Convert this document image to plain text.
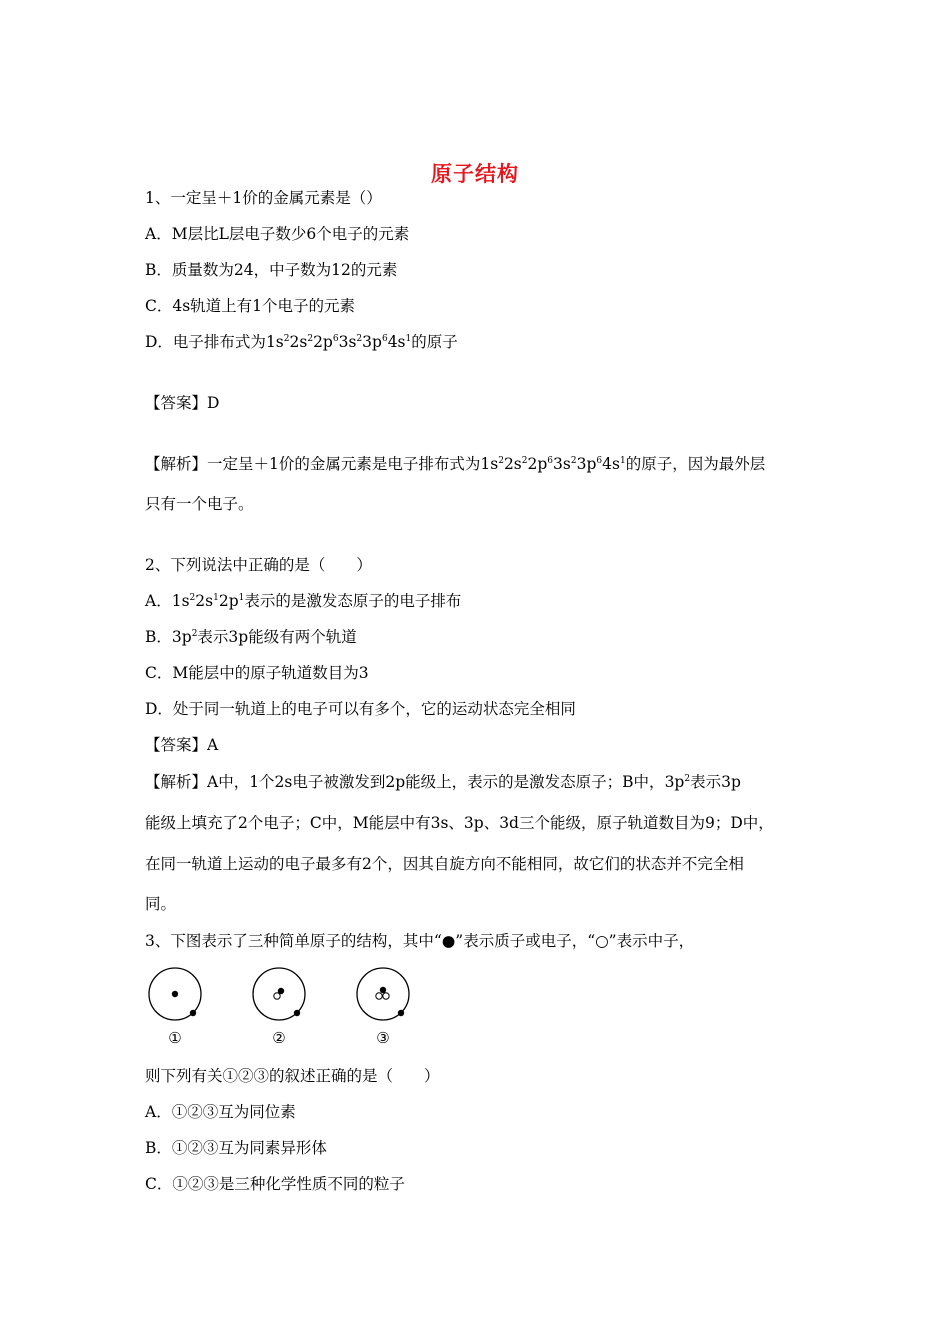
原子结构
1、一定呈＋1价的金属元素是（）
A．M层比L层电子数少6个电子的元素
B．质量数为24，中子数为12的元素
C．4s轨道上有1个电子的元素
D．电子排布式为$1s^22s^22p^63s^23p^64s^1$的原子
【答案】D
【解析】一定呈＋1价的金属元素是电子排布式为$1s^22s^22p^63s^23p^64s^1$的原子，因为最外层
只有一个电子。
2、下列说法中正确的是（　　）
A．$1s^22s^12p^1$表示的是激发态原子的电子排布
B．$3p^2$表示3p能级有两个轨道
C．M能层中的原子轨道数目为3
D．处于同一轨道上的电子可以有多个，它的运动状态完全相同
【答案】A
【解析】A中，1个2s电子被激发到2p能级上，表示的是激发态原子；B中，$3p^2$表示3p
能级上填充了2个电子；C中，M能层中有3s、3p、3d三个能级，原子轨道数目为9；D中，
在同一轨道上运动的电子最多有2个，因其自旋方向不能相同，故它们的状态并不完全相
同。
3、下图表示了三种简单原子的结构，其中“●”表示质子或电子，“○”表示中子，
①	②	③
则下列有关①②③的叙述正确的是（　　）
A．①②③互为同位素
B．①②③互为同素异形体
C．①②③是三种化学性质不同的粒子
